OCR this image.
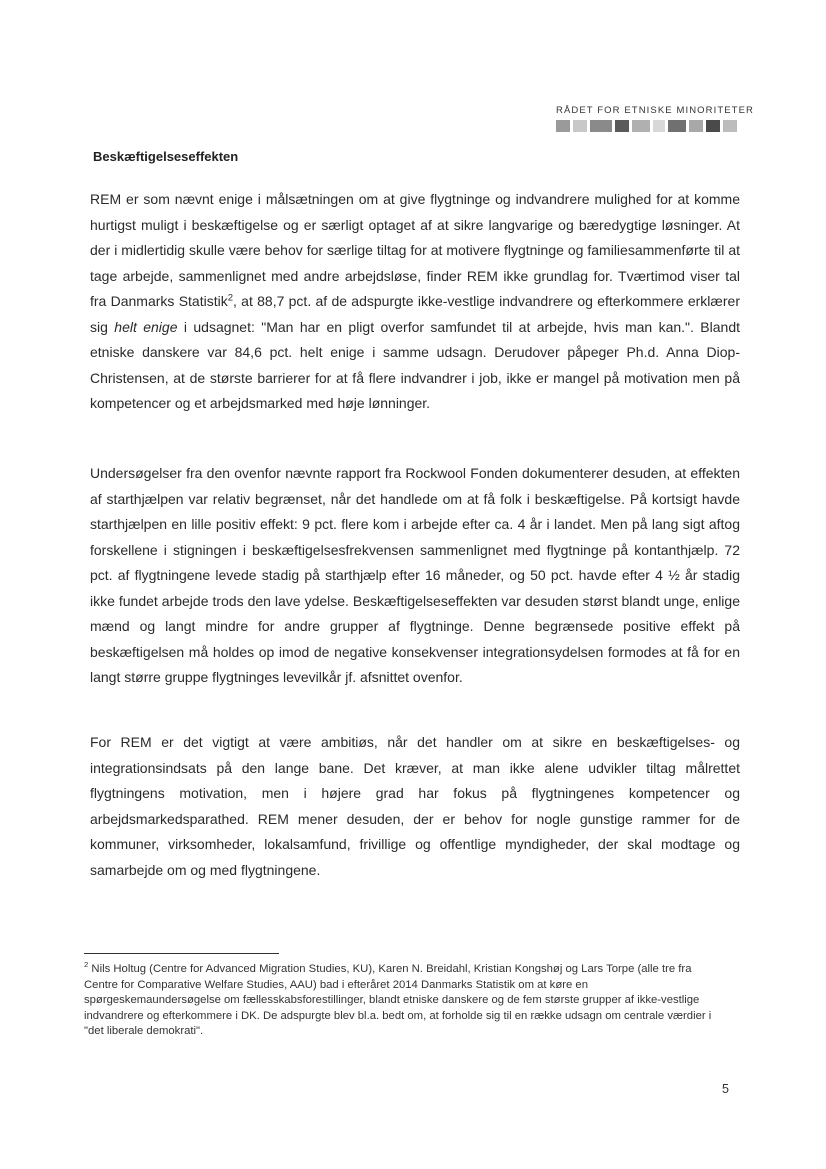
RÅDET FOR ETNISKE MINORITETER
Beskæftigelseseffekten

REM er som nævnt enige i målsætningen om at give flygtninge og indvandrere mulighed for at komme hurtigst muligt i beskæftigelse og er særligt optaget af at sikre langvarige og bæredygtige løsninger. At der i midlertidig skulle være behov for særlige tiltag for at motivere flygtninge og familiesammenførte til at tage arbejde, sammenlignet med andre arbejdsløse, finder REM ikke grundlag for. Tværtimod viser tal fra Danmarks Statistik$^2$, at 88,7 pct. af de adspurgte ikke-vestlige indvandrere og efterkommere erklærer sig helt enige i udsagnet: "Man har en pligt overfor samfundet til at arbejde, hvis man kan.". Blandt etniske danskere var 84,6 pct. helt enige i samme udsagn. Derudover påpeger Ph.d. Anna Diop-Christensen, at de største barrierer for at få flere indvandrer i job, ikke er mangel på motivation men på kompetencer og et arbejdsmarked med høje lønninger.

Undersøgelser fra den ovenfor nævnte rapport fra Rockwool Fonden dokumenterer desuden, at effekten af starthjælpen var relativ begrænset, når det handlede om at få folk i beskæftigelse. På kortsigt havde starthjælpen en lille positiv effekt: 9 pct. flere kom i arbejde efter ca. 4 år i landet. Men på lang sigt aftog forskellene i stigningen i beskæftigelsesfrekvensen sammenlignet med flygtninge på kontanthjælp. 72 pct. af flygtningene levede stadig på starthjælp efter 16 måneder, og 50 pct. havde efter 4 ½ år stadig ikke fundet arbejde trods den lave ydelse. Beskæftigelseseffekten var desuden størst blandt unge, enlige mænd og langt mindre for andre grupper af flygtninge. Denne begrænsede positive effekt på beskæftigelsen må holdes op imod de negative konsekvenser integrationsydelsen formodes at få for en langt større gruppe flygtninges levevilkår jf. afsnittet ovenfor.

For REM er det vigtigt at være ambitiøs, når det handler om at sikre en beskæftigelses- og integrationsindsats på den lange bane. Det kræver, at man ikke alene udvikler tiltag målrettet flygtningens motivation, men i højere grad har fokus på flygtningenes kompetencer og arbejdsmarkedsparathed. REM mener desuden, der er behov for nogle gunstige rammer for de kommuner, virksomheder, lokalsamfund, frivillige og offentlige myndigheder, der skal modtage og samarbejde om og med flygtningene.

$^2$ Nils Holtug (Centre for Advanced Migration Studies, KU), Karen N. Breidahl, Kristian Kongshøj og Lars Torpe (alle tre fra Centre for Comparative Welfare Studies, AAU) bad i efteråret 2014 Danmarks Statistik om at køre en spørgeskemaundersøgelse om fællesskabsforestillinger, blandt etniske danskere og de fem største grupper af ikke-vestlige indvandrere og efterkommere i DK. De adspurgte blev bl.a. bedt om, at forholde sig til en række udsagn om centrale værdier i "det liberale demokrati".

5
